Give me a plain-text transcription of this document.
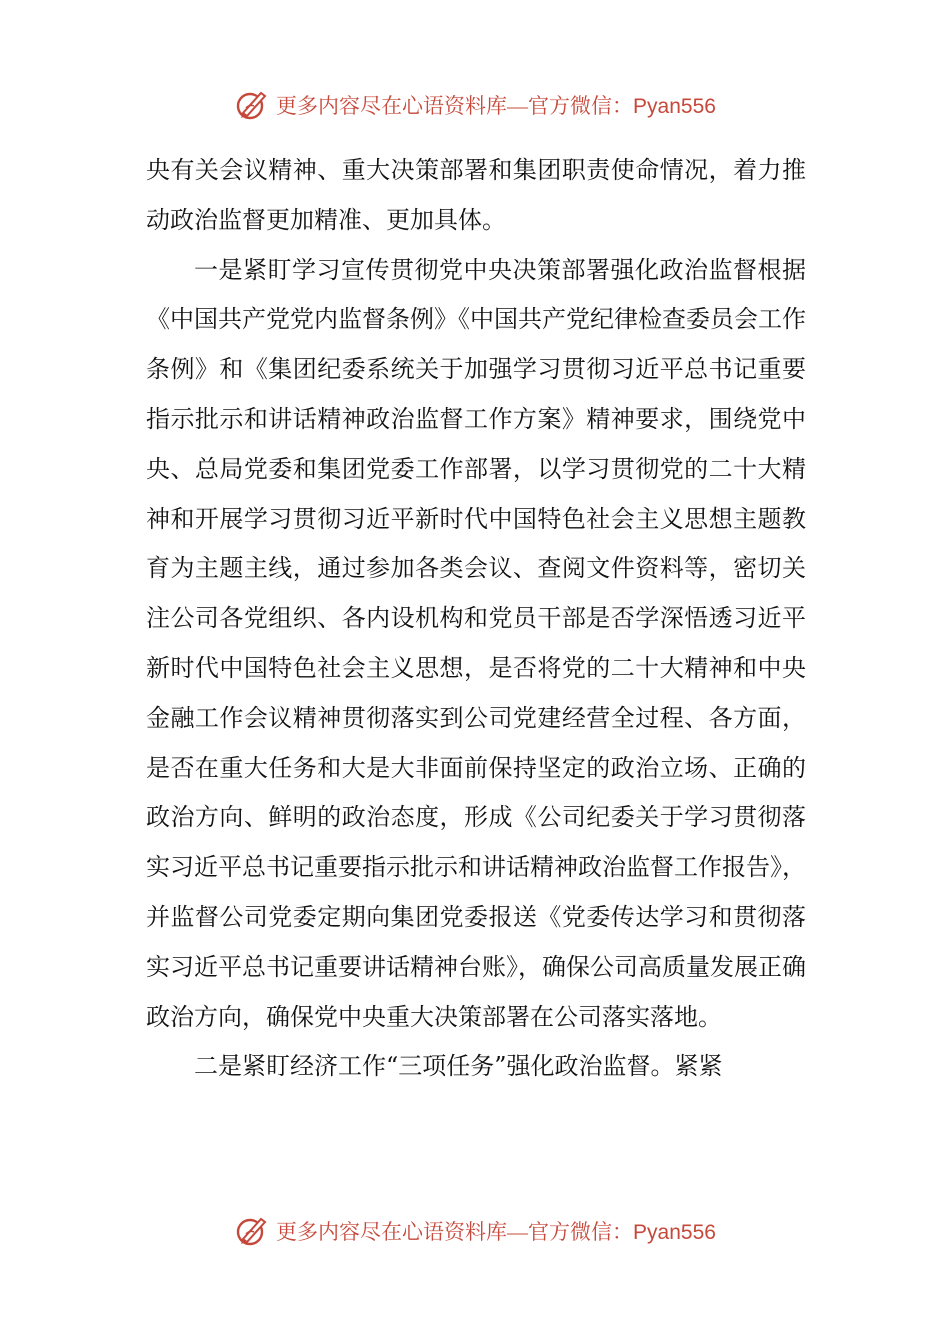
更多内容尽在心语资料库—官方微信：Pyan556

央有关会议精神、重大决策部署和集团职责使命情况，着力推动政治监督更加精准、更加具体。

一是紧盯学习宣传贯彻党中央决策部署强化政治监督根据《中国共产党党内监督条例》《中国共产党纪律检查委员会工作条例》和《集团纪委系统关于加强学习贯彻习近平总书记重要指示批示和讲话精神政治监督工作方案》精神要求，围绕党中央、总局党委和集团党委工作部署，以学习贯彻党的二十大精神和开展学习贯彻习近平新时代中国特色社会主义思想主题教育为主题主线，通过参加各类会议、查阅文件资料等，密切关注公司各党组织、各内设机构和党员干部是否学深悟透习近平新时代中国特色社会主义思想，是否将党的二十大精神和中央金融工作会议精神贯彻落实到公司党建经营全过程、各方面，是否在重大任务和大是大非面前保持坚定的政治立场、正确的政治方向、鲜明的政治态度，形成《公司纪委关于学习贯彻落实习近平总书记重要指示批示和讲话精神政治监督工作报告》，并监督公司党委定期向集团党委报送《党委传达学习和贯彻落实习近平总书记重要讲话精神台账》，确保公司高质量发展正确政治方向，确保党中央重大决策部署在公司落实落地。

二是紧盯经济工作“三项任务”强化政治监督。紧紧

更多内容尽在心语资料库—官方微信：Pyan556
